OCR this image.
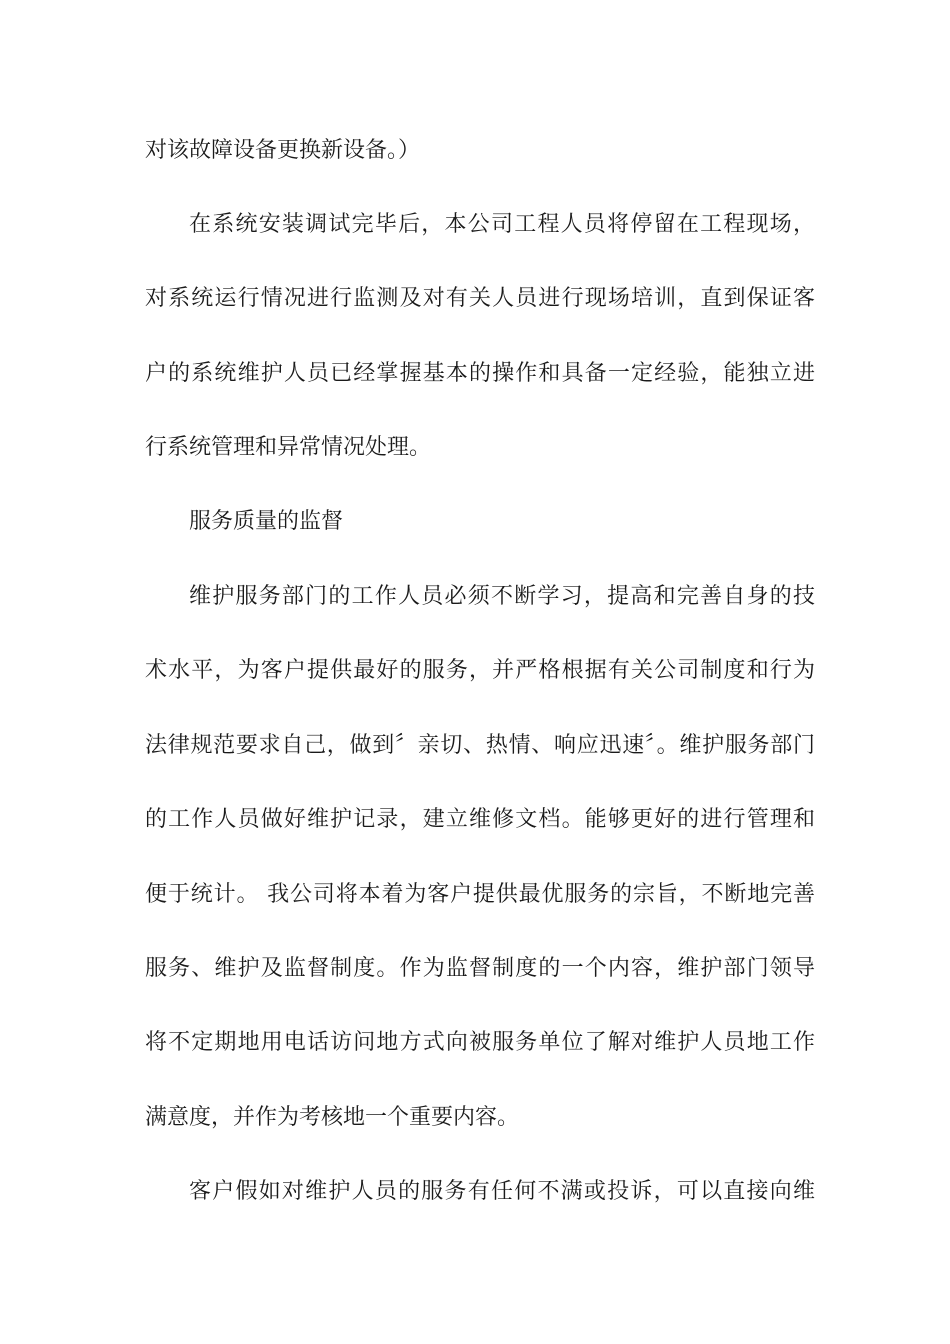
对该故障设备更换新设备。）
在系统安装调试完毕后，本公司工程人员将停留在工程现场，
对系统运行情况进行监测及对有关人员进行现场培训，直到保证客
户的系统维护人员已经掌握基本的操作和具备一定经验，能独立进
行系统管理和异常情况处理。
服务质量的监督
维护服务部门的工作人员必须不断学习，提高和完善自身的技
术水平，为客户提供最好的服务，并严格根据有关公司制度和行为
法律规范要求自己，做到〞亲切、热情、响应迅速〞。维护服务部门
的工作人员做好维护记录，建立维修文档。能够更好的进行管理和
便于统计。 我公司将本着为客户提供最优服务的宗旨，不断地完善
服务、维护及监督制度。作为监督制度的一个内容，维护部门领导
将不定期地用电话访问地方式向被服务单位了解对维护人员地工作
满意度，并作为考核地一个重要内容。
客户假如对维护人员的服务有任何不满或投诉，可以直接向维
